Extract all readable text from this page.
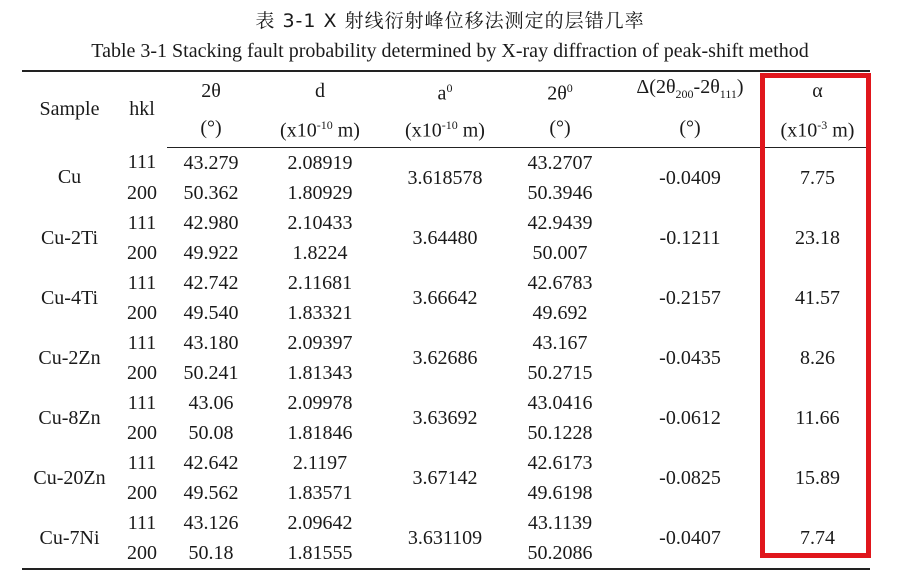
表 3-1 X 射线衍射峰位移法测定的层错几率
Table 3-1 Stacking fault probability determined by X-ray diffraction of peak-shift method
Sample	hkl	2θ	d	$a^0$	$2\theta^0$	$\Delta(2\theta_{200}-2\theta_{111})$	α
		(°)	($x10^{-10}$ m)	($x10^{-10}$ m)	(°)	(°)	($x10^{-3}$ m)
Cu	111	43.279	2.08919	3.618578	43.2707	-0.0409	7.75
	200	50.362	1.80929		50.3946		
Cu-2Ti	111	42.980	2.10433	3.64480	42.9439	-0.1211	23.18
	200	49.922	1.8224		50.007		
Cu-4Ti	111	42.742	2.11681	3.66642	42.6783	-0.2157	41.57
	200	49.540	1.83321		49.692		
Cu-2Zn	111	43.180	2.09397	3.62686	43.167	-0.0435	8.26
	200	50.241	1.81343		50.2715		
Cu-8Zn	111	43.06	2.09978	3.63692	43.0416	-0.0612	11.66
	200	50.08	1.81846		50.1228		
Cu-20Zn	111	42.642	2.1197	3.67142	42.6173	-0.0825	15.89
	200	49.562	1.83571		49.6198		
Cu-7Ni	111	43.126	2.09642	3.631109	43.1139	-0.0407	7.74
	200	50.18	1.81555		50.2086		
